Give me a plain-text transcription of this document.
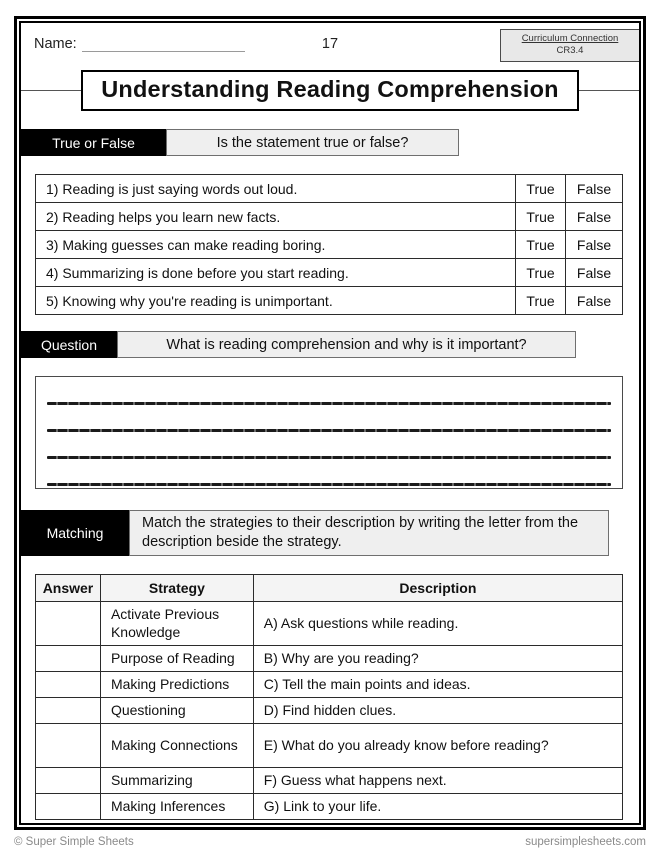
Name:	17	Curriculum Connection
CR3.4
Understanding Reading Comprehension
True or False	Is the statement true or false?
1) Reading is just saying words out loud.	True	False
2) Reading helps you learn new facts.	True	False
3) Making guesses can make reading boring.	True	False
4) Summarizing is done before you start reading.	True	False
5) Knowing why you're reading is unimportant.	True	False
Question	What is reading comprehension and why is it important?
Matching
Match the strategies to their description by writing the letter from the description beside the strategy.
Answer	Strategy	Description
	Activate Previous Knowledge	A) Ask questions while reading.
	Purpose of Reading	B) Why are you reading?
	Making Predictions	C) Tell the main points and ideas.
	Questioning	D) Find hidden clues.
	Making Connections	E) What do you already know before reading?
	Summarizing	F) Guess what happens next.
	Making Inferences	G) Link to your life.
© Super Simple Sheets	supersimplesheets.com
